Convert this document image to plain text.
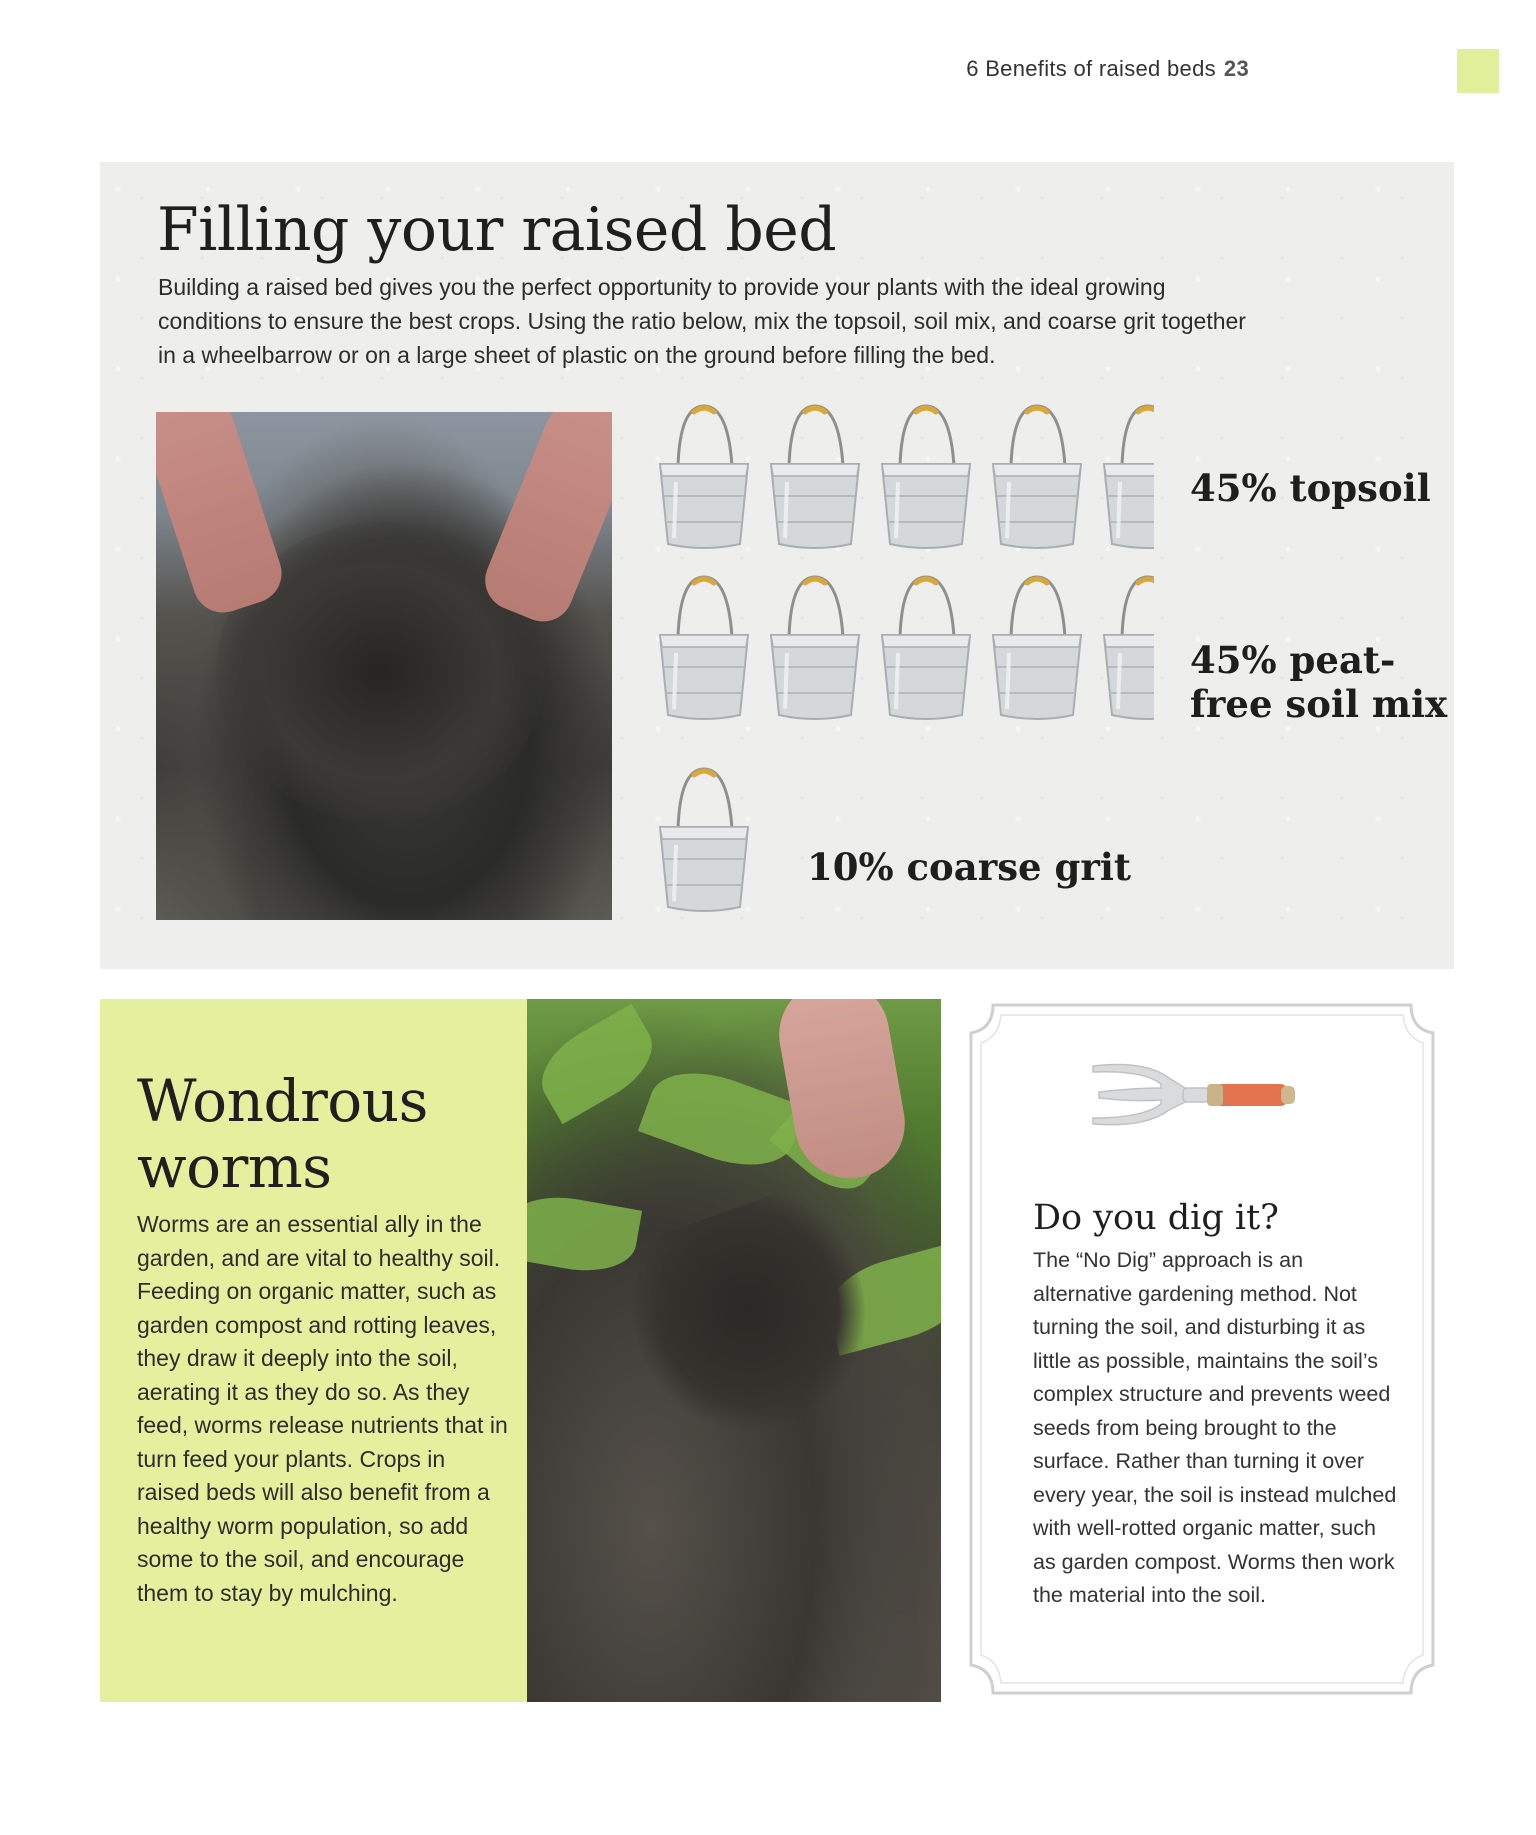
6 Benefits of raised beds 23
Filling your raised bed

Building a raised bed gives you the perfect opportunity to provide your plants with the ideal growing conditions to ensure the best crops. Using the ratio below, mix the topsoil, soil mix, and coarse grit together in a wheelbarrow or on a large sheet of plastic on the ground before filling the bed.

45% topsoil

45% peat-
free soil mix

10% coarse grit

Wondrous worms

Worms are an essential ally in the garden, and are vital to healthy soil. Feeding on organic matter, such as garden compost and rotting leaves, they draw it deeply into the soil, aerating it as they do so. As they feed, worms release nutrients that in turn feed your plants. Crops in raised beds will also benefit from a healthy worm population, so add some to the soil, and encourage them to stay by mulching.

Do you dig it?

The “No Dig” approach is an alternative gardening method. Not turning the soil, and disturbing it as little as possible, maintains the soil’s complex structure and prevents weed seeds from being brought to the surface. Rather than turning it over every year, the soil is instead mulched with well-rotted organic matter, such as garden compost. Worms then work the material into the soil.
